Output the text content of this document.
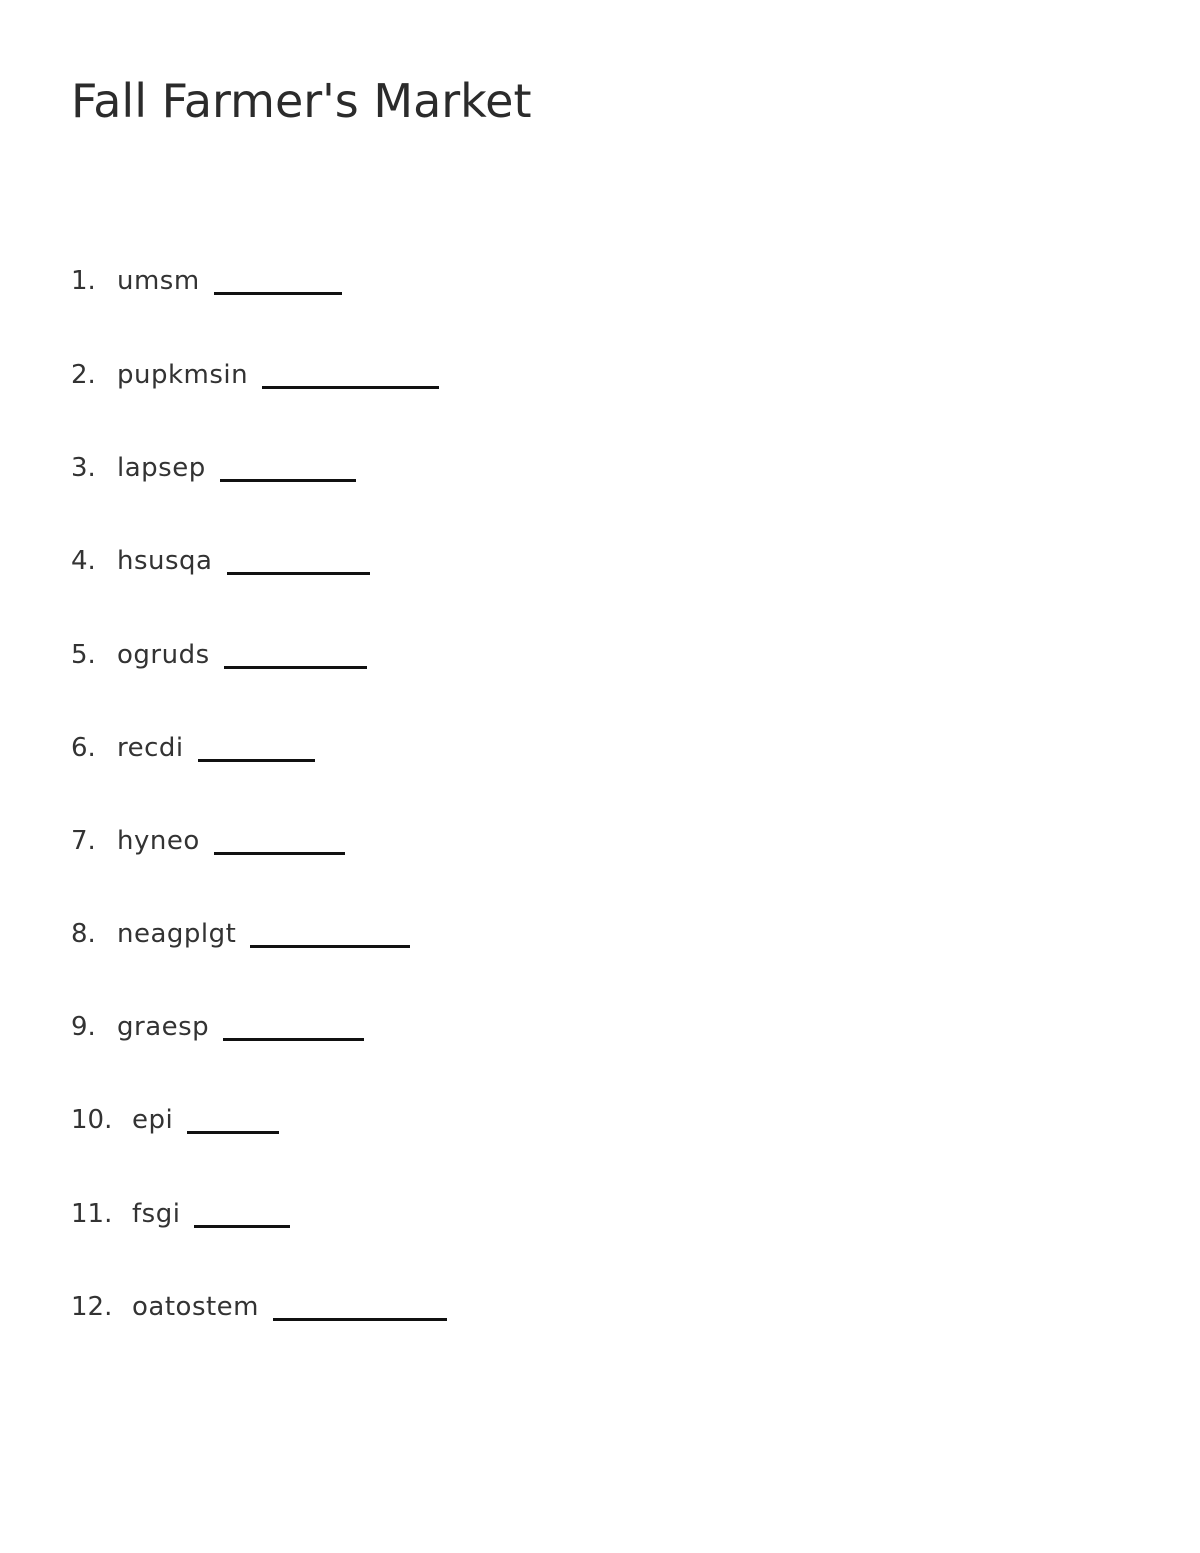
Fall Farmer's Market
1. umsm
2. pupkmsin
3. lapsep
4. hsusqa
5. ogruds
6. recdi
7. hyneo
8. neagplgt
9. graesp
10. epi
11. fsgi
12. oatostem
